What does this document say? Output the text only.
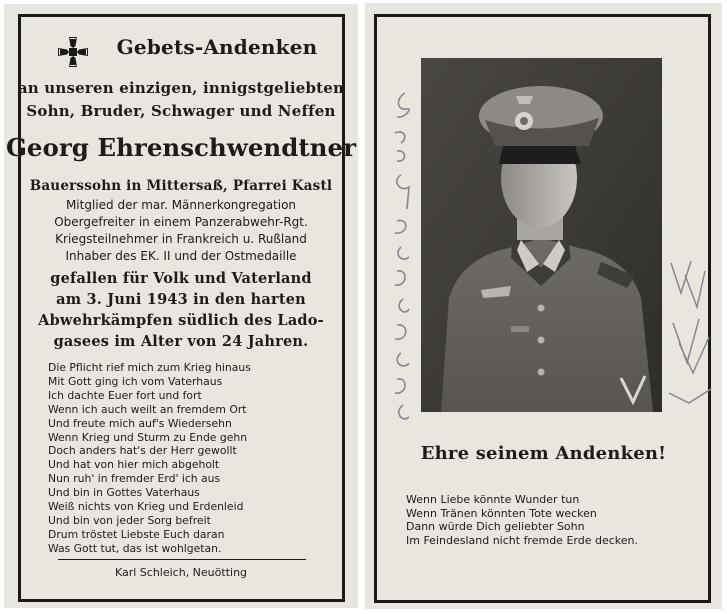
Gebets-Andenken
an unseren einzigen, innigstgeliebten
Sohn, Bruder, Schwager und Neffen
Georg Ehrenschwendtner
Bauerssohn in Mittersaß, Pfarrei Kastl
Mitglied der mar. Männerkongregation
Obergefreiter in einem Panzerabwehr-Rgt.
Kriegsteilnehmer in Frankreich u. Rußland
Inhaber des EK. II und der Ostmedaille
gefallen für Volk und Vaterland
am 3. Juni 1943 in den harten
Abwehrkämpfen südlich des Lado-
gasees im Alter von 24 Jahren.
Die Pflicht rief mich zum Krieg hinaus
Mit Gott ging ich vom Vaterhaus
Ich dachte Euer fort und fort
Wenn ich auch weilt an fremdem Ort
Und freute mich auf's Wiedersehn
Wenn Krieg und Sturm zu Ende gehn
Doch anders hat's der Herr gewollt
Und hat von hier mich abgeholt
Nun ruh' in fremder Erd' ich aus
Und bin in Gottes Vaterhaus
Weiß nichts von Krieg und Erdenleid
Und bin von jeder Sorg befreit
Drum tröstet Liebste Euch daran
Was Gott tut, das ist wohlgetan.
Karl Schleich, Neuötting
Ehre seinem Andenken!
Wenn Liebe könnte Wunder tun
Wenn Tränen könnten Tote wecken
Dann würde Dich geliebter Sohn
Im Feindesland nicht fremde Erde decken.
